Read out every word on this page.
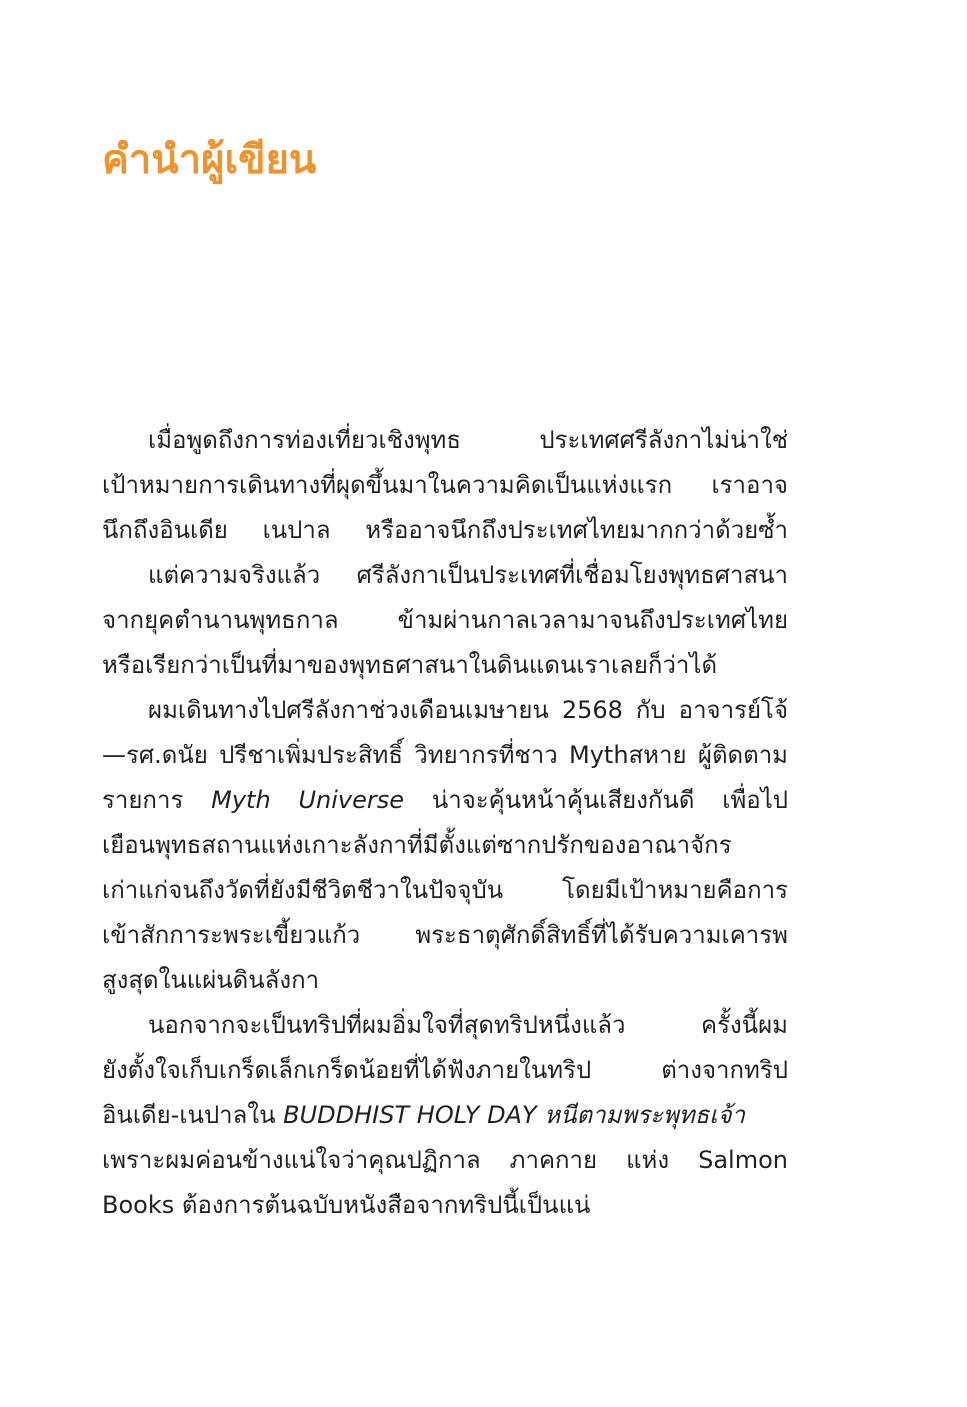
คำนำผู้เขียน
เมื่อพูดถึงการท่องเที่ยวเชิงพุทธ ประเทศศรีลังกาไม่น่าใช่
เป้าหมายการเดินทางที่ผุดขึ้นมาในความคิดเป็นแห่งแรก เราอาจ
นึกถึงอินเดีย เนปาล หรืออาจนึกถึงประเทศไทยมากกว่าด้วยซ้ำ
แต่ความจริงแล้ว ศรีลังกาเป็นประเทศที่เชื่อมโยงพุทธศาสนา
จากยุคตำนานพุทธกาล ข้ามผ่านกาลเวลามาจนถึงประเทศไทย
หรือเรียกว่าเป็นที่มาของพุทธศาสนาในดินแดนเราเลยก็ว่าได้
ผมเดินทางไปศรีลังกาช่วงเดือนเมษายน 2568 กับ อาจารย์โจ้
—รศ.ดนัย ปรีชาเพิ่มประสิทธิ์ วิทยากรที่ชาว Mythสหาย ผู้ติดตาม
รายการ Myth Universe น่าจะคุ้นหน้าคุ้นเสียงกันดี เพื่อไป
เยือนพุทธสถานแห่งเกาะลังกาที่มีตั้งแต่ซากปรักของอาณาจักร
เก่าแก่จนถึงวัดที่ยังมีชีวิตชีวาในปัจจุบัน โดยมีเป้าหมายคือการ
เข้าสักการะพระเขี้ยวแก้ว พระธาตุศักดิ์สิทธิ์ที่ได้รับความเคารพ
สูงสุดในแผ่นดินลังกา
นอกจากจะเป็นทริปที่ผมอิ่มใจที่สุดทริปหนึ่งแล้ว ครั้งนี้ผม
ยังตั้งใจเก็บเกร็ดเล็กเกร็ดน้อยที่ได้ฟังภายในทริป ต่างจากทริป
อินเดีย-เนปาลใน BUDDHIST HOLY DAY หนีตามพระพุทธเจ้า
เพราะผมค่อนข้างแน่ใจว่าคุณปฏิกาล ภาคกาย แห่ง Salmon
Books ต้องการต้นฉบับหนังสือจากทริปนี้เป็นแน่
